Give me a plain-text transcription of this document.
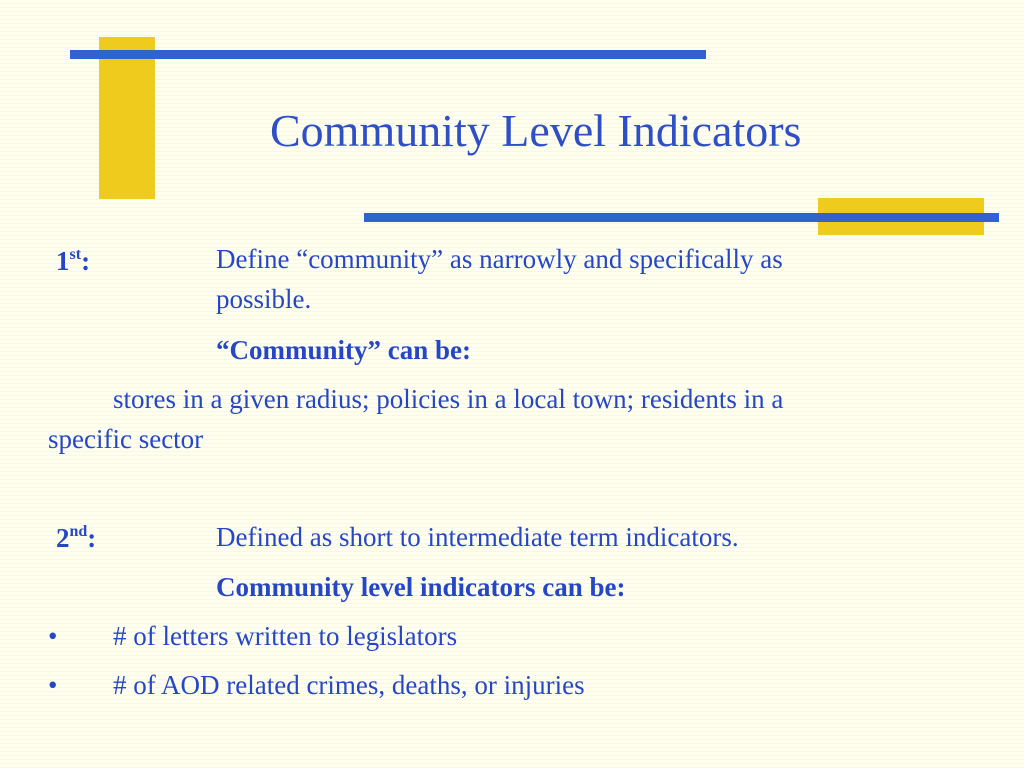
Community Level Indicators
1st:	Define “community” as narrowly and specifically as
possible.
“Community” can be:
stores in a given radius; policies in a local town; residents in a
specific sector
2nd:	Defined as short to intermediate term indicators.
Community level indicators can be:
• # of letters written to legislators
• # of AOD related crimes, deaths, or injuries
